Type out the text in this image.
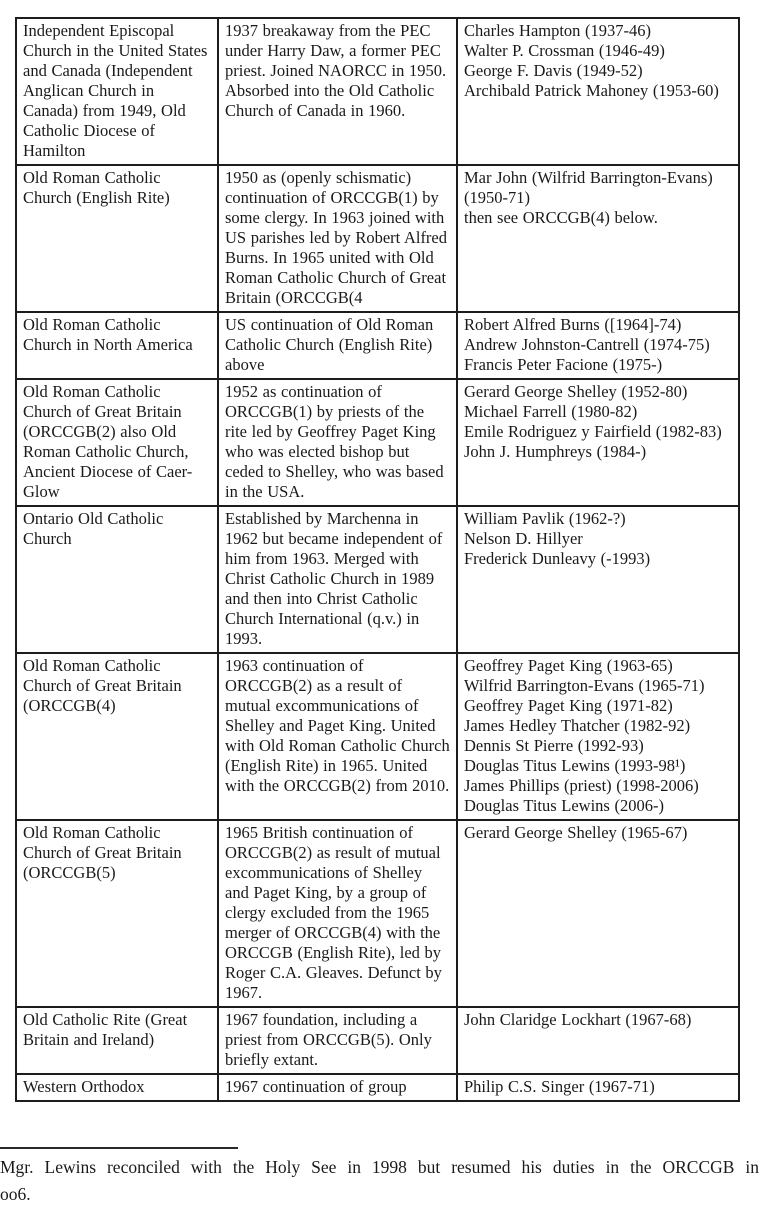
Independent Episcopal Church in the United States and Canada (Independent Anglican Church in Canada) from 1949, Old Catholic Diocese of Hamilton	1937 breakaway from the PEC under Harry Daw, a former PEC priest. Joined NAORCC in 1950. Absorbed into the Old Catholic Church of Canada in 1960.	Charles Hampton (1937-46)
Walter P. Crossman (1946-49)
George F. Davis (1949-52)
Archibald Patrick Mahoney (1953-60)

Old Roman Catholic Church (English Rite)	1950 as (openly schismatic) continuation of ORCCGB(1) by some clergy. In 1963 joined with US parishes led by Robert Alfred Burns. In 1965 united with Old Roman Catholic Church of Great Britain (ORCCGB(4	Mar John (Wilfrid Barrington-Evans) (1950-71)
then see ORCCGB(4) below.

Old Roman Catholic Church in North America	US continuation of Old Roman Catholic Church (English Rite) above	Robert Alfred Burns ([1964]-74)
Andrew Johnston-Cantrell (1974-75)
Francis Peter Facione (1975-)

Old Roman Catholic Church of Great Britain (ORCCGB(2) also Old Roman Catholic Church, Ancient Diocese of Caer-Glow	1952 as continuation of ORCCGB(1) by priests of the rite led by Geoffrey Paget King who was elected bishop but ceded to Shelley, who was based in the USA.	Gerard George Shelley (1952-80)
Michael Farrell (1980-82)
Emile Rodriguez y Fairfield (1982-83)
John J. Humphreys (1984-)

Ontario Old Catholic Church	Established by Marchenna in 1962 but became independent of him from 1963. Merged with Christ Catholic Church in 1989 and then into Christ Catholic Church International (q.v.) in 1993.	William Pavlik (1962-?)
Nelson D. Hillyer
Frederick Dunleavy (-1993)

Old Roman Catholic Church of Great Britain (ORCCGB(4)	1963 continuation of ORCCGB(2) as a result of mutual excommunications of Shelley and Paget King. United with Old Roman Catholic Church (English Rite) in 1965. United with the ORCCGB(2) from 2010.	
Geoffrey Paget King (1963-65)
Wilfrid Barrington-Evans (1965-71)
Geoffrey Paget King (1971-82)
James Hedley Thatcher (1982-92)
Dennis St Pierre (1992-93)
Douglas Titus Lewins (1993-98¹)
James Phillips (priest) (1998-2006)
Douglas Titus Lewins (2006-)

Old Roman Catholic Church of Great Britain (ORCCGB(5)	1965 British continuation of ORCCGB(2) as result of mutual excommunications of Shelley and Paget King, by a group of clergy excluded from the 1965 merger of ORCCGB(4) with the ORCCGB (English Rite), led by Roger C.A. Gleaves. Defunct by 1967.	Gerard George Shelley (1965-67)

Old Catholic Rite (Great Britain and Ireland)	1967 foundation, including a priest from ORCCGB(5). Only briefly extant.	John Claridge Lockhart (1967-68)

Western Orthodox	1967 continuation of group	Philip C.S. Singer (1967-71)
Mgr. Lewins reconciled with the Holy See in 1998 but resumed his duties in the ORCCGB in
oo6.
